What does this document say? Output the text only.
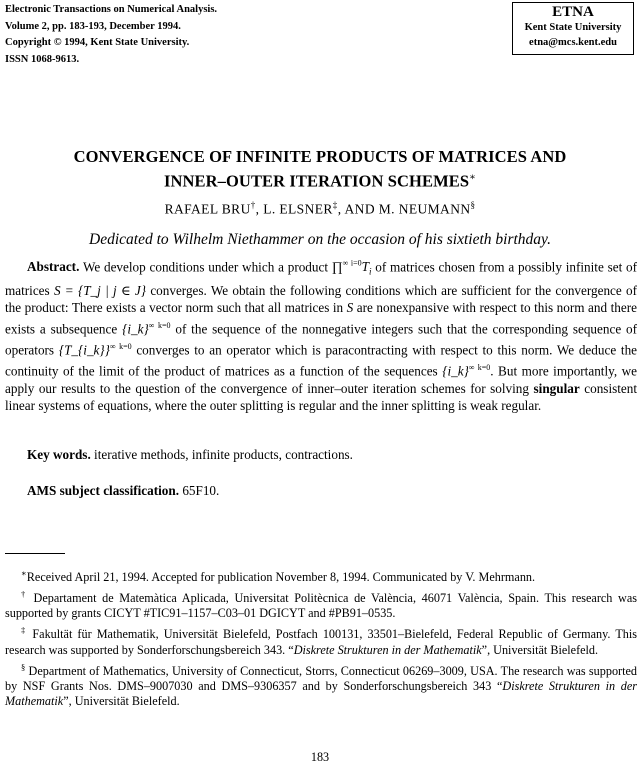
Electronic Transactions on Numerical Analysis.
Volume 2, pp. 183-193, December 1994.
Copyright © 1994, Kent State University.
ISSN 1068-9613.
ETNA
Kent State University
etna@mcs.kent.edu
CONVERGENCE OF INFINITE PRODUCTS OF MATRICES AND
INNER–OUTER ITERATION SCHEMES∗
RAFAEL BRU†, L. ELSNER‡, AND M. NEUMANN§
Dedicated to Wilhelm Niethammer on the occasion of his sixtieth birthday.
Abstract. We develop conditions under which a product $\prod^{\infty i=0}T_i$ of matrices chosen from a possibly infinite set of matrices S = {T_j | j ∈ J} converges. We obtain the following conditions which are sufficient for the convergence of the product: There exists a vector norm such that all matrices in S are nonexpansive with respect to this norm and there exists a subsequence {i_k}$^{\infty k=0}$ of the sequence of the nonnegative integers such that the corresponding sequence of operators {T_{i_k}}$^{\infty k=0}$ converges to an operator which is paracontracting with respect to this norm. We deduce the continuity of the limit of the product of matrices as a function of the sequences {i_k}$^{\infty k=0}$. But more importantly, we apply our results to the question of the convergence of inner–outer iteration schemes for solving singular consistent linear systems of equations, where the outer splitting is regular and the inner splitting is weak regular.
Key words. iterative methods, infinite products, contractions.
AMS subject classification. 65F10.

∗Received April 21, 1994. Accepted for publication November 8, 1994. Communicated by V. Mehrmann.

† Departament de Matemàtica Aplicada, Universitat Politècnica de València, 46071 València, Spain. This research was supported by grants CICYT #TIC91–1157–C03–01 DGICYT and #PB91–0535.

‡ Fakultät für Mathematik, Universität Bielefeld, Postfach 100131, 33501–Bielefeld, Federal Republic of Germany. This research was supported by Sonderforschungsbereich 343. “Diskrete Strukturen in der Mathematik”, Universität Bielefeld.

§ Department of Mathematics, University of Connecticut, Storrs, Connecticut 06269–3009, USA. The research was supported by NSF Grants Nos. DMS–9007030 and DMS–9306357 and by Sonderforschungsbereich 343 “Diskrete Strukturen in der Mathematik”, Universität Bielefeld.

183
